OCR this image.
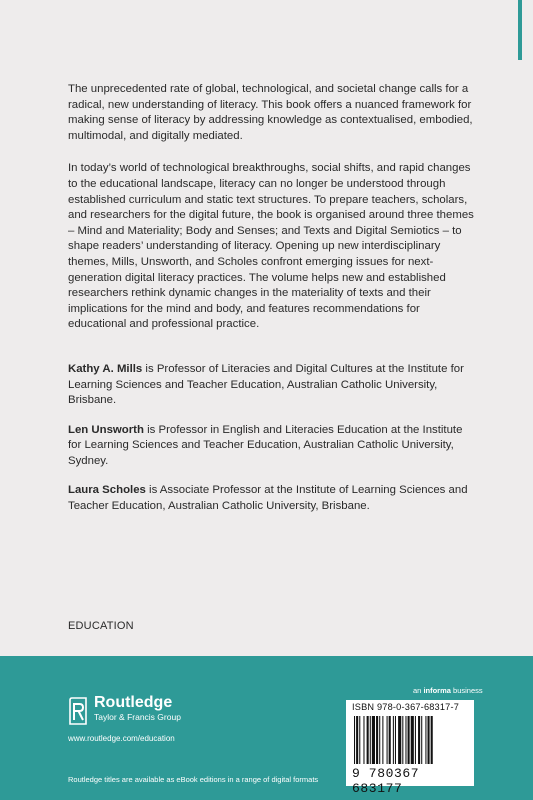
The unprecedented rate of global, technological, and societal change calls for a radical, new understanding of literacy. This book offers a nuanced framework for making sense of literacy by addressing knowledge as contextualised, embodied, multimodal, and digitally mediated.

In today’s world of technological breakthroughs, social shifts, and rapid changes to the educational landscape, literacy can no longer be understood through established curriculum and static text structures. To prepare teachers, scholars, and researchers for the digital future, the book is organised around three themes – Mind and Materiality; Body and Senses; and Texts and Digital Semiotics – to shape readers’ understanding of literacy. Opening up new interdisciplinary themes, Mills, Unsworth, and Scholes confront emerging issues for next-generation digital literacy practices. The volume helps new and established researchers rethink dynamic changes in the materiality of texts and their implications for the mind and body, and features recommendations for educational and professional practice.

Kathy A. Mills is Professor of Literacies and Digital Cultures at the Institute for Learning Sciences and Teacher Education, Australian Catholic University, Brisbane.

Len Unsworth is Professor in English and Literacies Education at the Institute for Learning Sciences and Teacher Education, Australian Catholic University, Sydney.

Laura Scholes is Associate Professor at the Institute of Learning Sciences and Teacher Education, Australian Catholic University, Brisbane.

EDUCATION
an informa business
Routledge
Taylor & Francis Group
www.routledge.com/education
Routledge titles are available as eBook editions in a range of digital formats
ISBN 978-0-367-68317-7
9 780367 683177
